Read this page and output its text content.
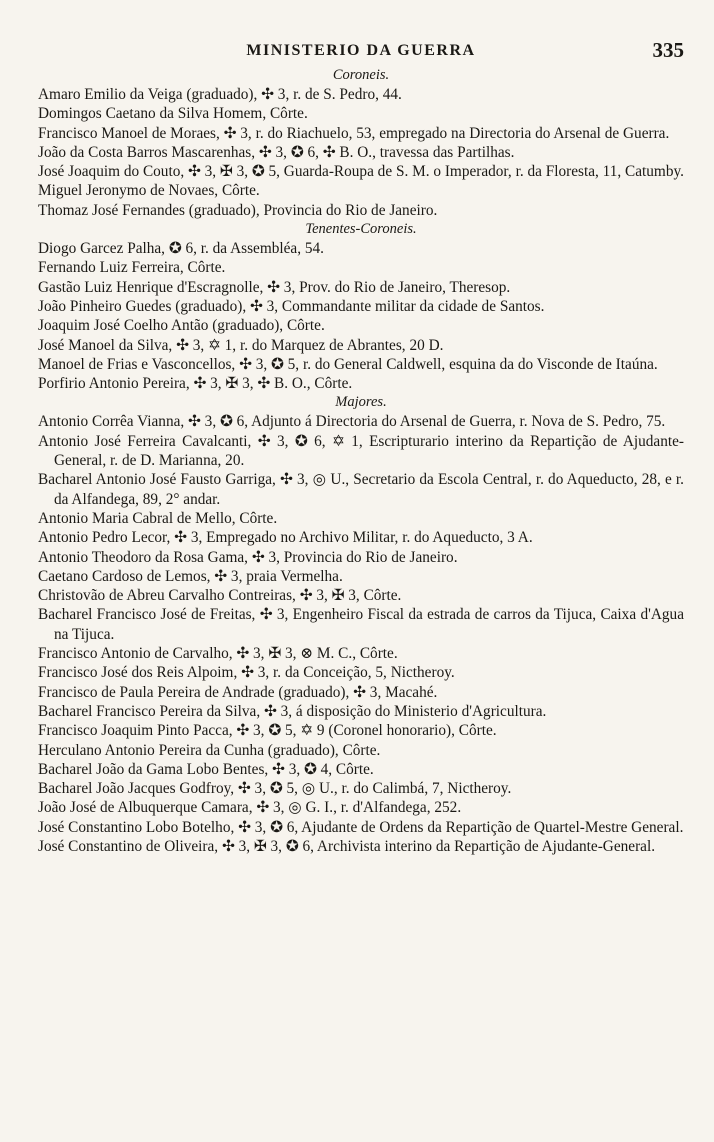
MINISTERIO DA GUERRA	335

Coroneis.

Amaro Emilio da Veiga (graduado), ✣ 3, r. de S. Pedro, 44.

Domingos Caetano da Silva Homem, Côrte.

Francisco Manoel de Moraes, ✣ 3, r. do Riachuelo, 53, empregado na Directoria do Arsenal de Guerra.

João da Costa Barros Mascarenhas, ✣ 3, ✪ 6, ✣ B. O., travessa das Partilhas.

José Joaquim do Couto, ✣ 3, ✠ 3, ✪ 5, Guarda-Roupa de S. M. o Imperador, r. da Floresta, 11, Catumby.

Miguel Jeronymo de Novaes, Côrte.

Thomaz José Fernandes (graduado), Provincia do Rio de Janeiro.

Tenentes-Coroneis.

Diogo Garcez Palha, ✪ 6, r. da Assembléa, 54.

Fernando Luiz Ferreira, Côrte.

Gastão Luiz Henrique d'Escragnolle, ✣ 3, Prov. do Rio de Janeiro, Theresop.

João Pinheiro Guedes (graduado), ✣ 3, Commandante militar da cidade de Santos.

Joaquim José Coelho Antão (graduado), Côrte.

José Manoel da Silva, ✣ 3, ✡ 1, r. do Marquez de Abrantes, 20 D.

Manoel de Frias e Vasconcellos, ✣ 3, ✪ 5, r. do General Caldwell, esquina da do Visconde de Itaúna.

Porfirio Antonio Pereira, ✣ 3, ✠ 3, ✣ B. O., Côrte.

Majores.

Antonio Corrêa Vianna, ✣ 3, ✪ 6, Adjunto á Directoria do Arsenal de Guerra, r. Nova de S. Pedro, 75.

Antonio José Ferreira Cavalcanti, ✣ 3, ✪ 6, ✡ 1, Escripturario interino da Repartição de Ajudante-General, r. de D. Marianna, 20.

Bacharel Antonio José Fausto Garriga, ✣ 3, ◎ U., Secretario da Escola Central, r. do Aqueducto, 28, e r. da Alfandega, 89, 2° andar.

Antonio Maria Cabral de Mello, Côrte.

Antonio Pedro Lecor, ✣ 3, Empregado no Archivo Militar, r. do Aqueducto, 3 A.

Antonio Theodoro da Rosa Gama, ✣ 3, Provincia do Rio de Janeiro.

Caetano Cardoso de Lemos, ✣ 3, praia Vermelha.

Christovão de Abreu Carvalho Contreiras, ✣ 3, ✠ 3, Côrte.

Bacharel Francisco José de Freitas, ✣ 3, Engenheiro Fiscal da estrada de carros da Tijuca, Caixa d'Agua na Tijuca.

Francisco Antonio de Carvalho, ✣ 3, ✠ 3, ⊗ M. C., Côrte.

Francisco José dos Reis Alpoim, ✣ 3, r. da Conceição, 5, Nictheroy.

Francisco de Paula Pereira de Andrade (graduado), ✣ 3, Macahé.

Bacharel Francisco Pereira da Silva, ✣ 3, á disposição do Ministerio d'Agricultura.

Francisco Joaquim Pinto Pacca, ✣ 3, ✪ 5, ✡ 9 (Coronel honorario), Côrte.

Herculano Antonio Pereira da Cunha (graduado), Côrte.

Bacharel João da Gama Lobo Bentes, ✣ 3, ✪ 4, Côrte.

Bacharel João Jacques Godfroy, ✣ 3, ✪ 5, ◎ U., r. do Calimbá, 7, Nictheroy.

João José de Albuquerque Camara, ✣ 3, ◎ G. I., r. d'Alfandega, 252.

José Constantino Lobo Botelho, ✣ 3, ✪ 6, Ajudante de Ordens da Repartição de Quartel-Mestre General.

José Constantino de Oliveira, ✣ 3, ✠ 3, ✪ 6, Archivista interino da Repartição de Ajudante-General.
